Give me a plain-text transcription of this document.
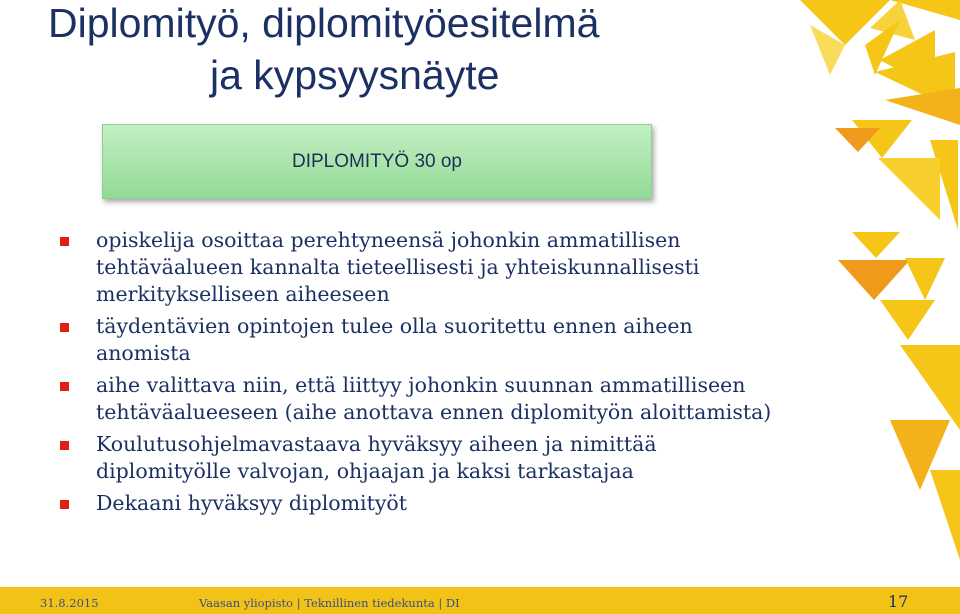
Diplomityö, diplomityöesitelmä
ja kypsyysnäyte
DIPLOMITYÖ 30 op
opiskelija osoittaa perehtyneensä johonkin ammatillisen tehtäväalueen kannalta tieteellisesti ja yhteiskunnallisesti merkitykselliseen aiheeseen
täydentävien opintojen tulee olla suoritettu ennen aiheen anomista
aihe valittava niin, että liittyy johonkin suunnan ammatilliseen tehtäväalueeseen (aihe anottava ennen diplomityön aloittamista)
Koulutusohjelmavastaava hyväksyy aiheen ja nimittää diplomityölle valvojan, ohjaajan ja kaksi tarkastajaa
Dekaani hyväksyy diplomityöt
31.8.2015	Vaasan yliopisto | Teknillinen tiedekunta | DI	17
